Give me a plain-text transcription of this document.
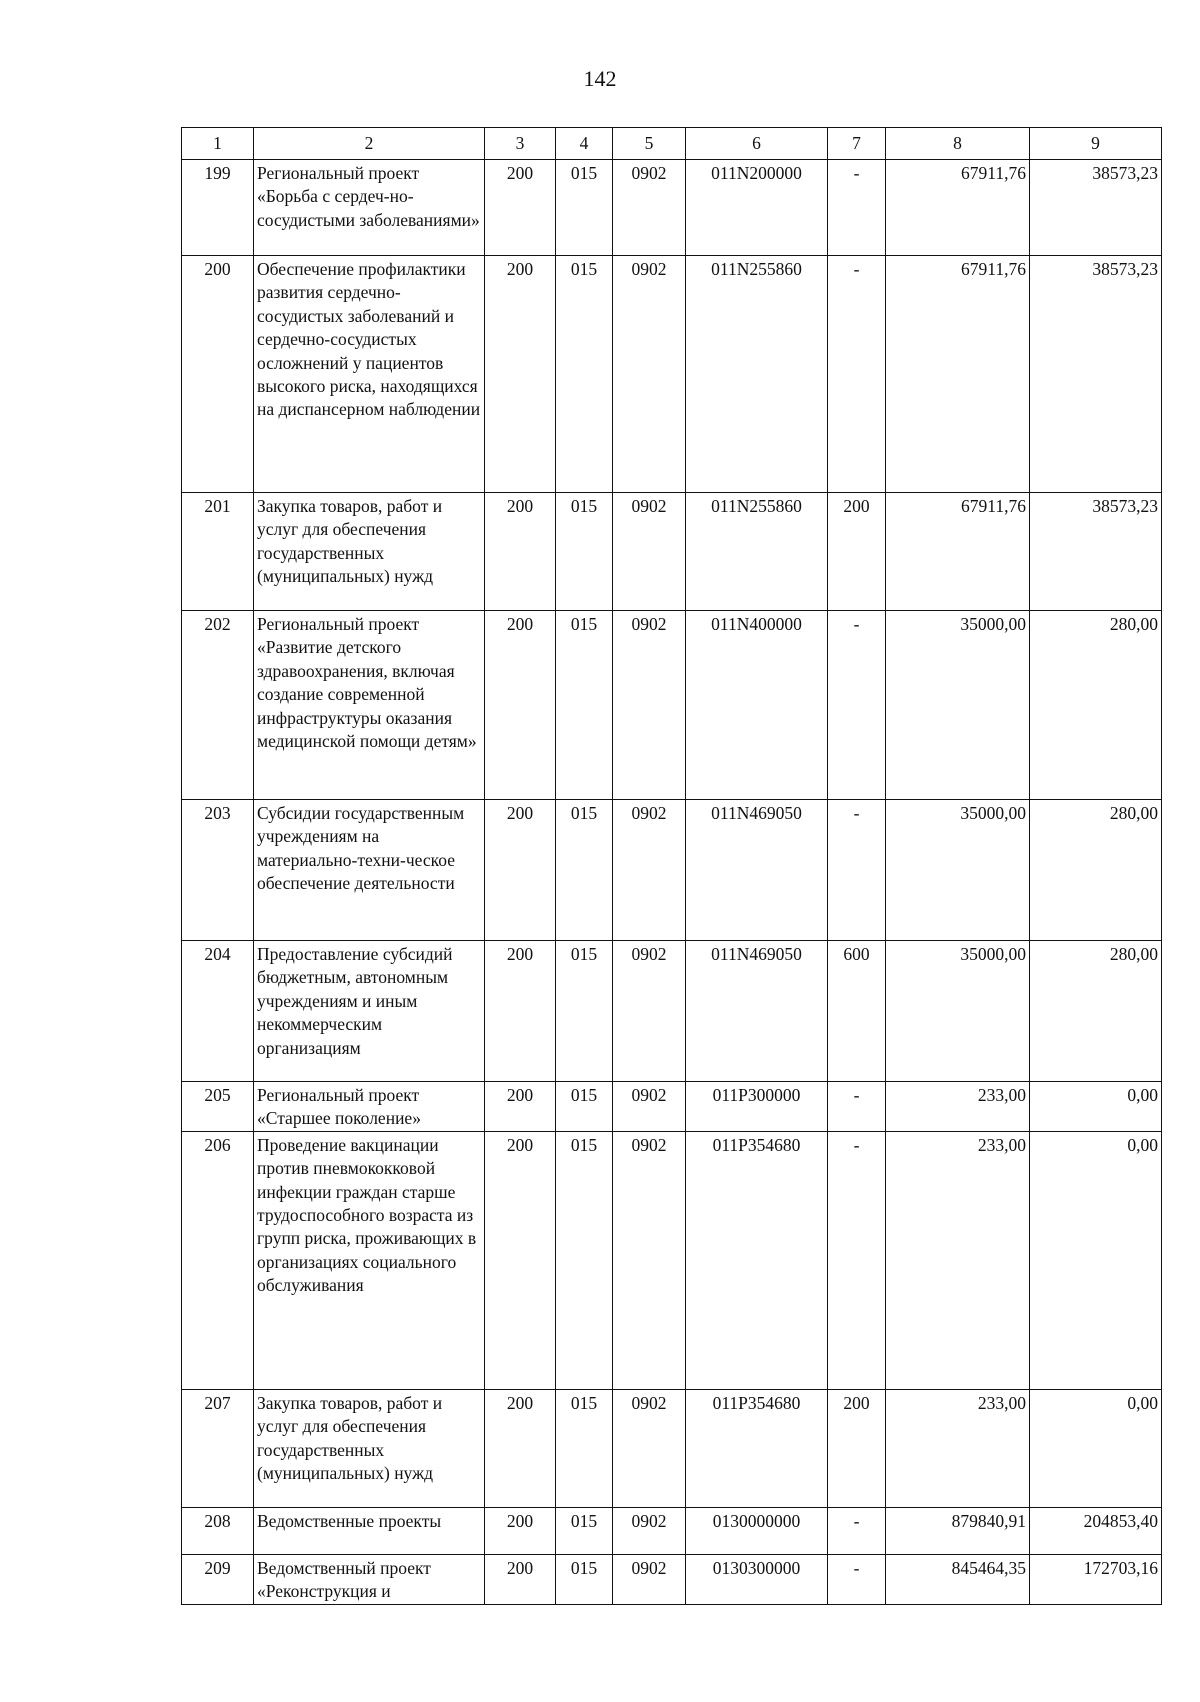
142
1	2	3	4	5	6	7	8	9
199	Региональный проект «Борьба с сердеч-но-сосудистыми заболеваниями»	200	015	0902	011N200000	-	67911,76	38573,23
200	Обеспечение профилактики развития сердечно-сосудистых заболеваний и сердечно-сосудистых осложнений у пациентов высокого риска, находящихся на диспансерном наблюдении	200	015	0902	011N255860	-	67911,76	38573,23
201	Закупка товаров, работ и услуг для обеспечения государственных (муниципальных) нужд	200	015	0902	011N255860	200	67911,76	38573,23
202	Региональный проект «Развитие детского здравоохранения, включая создание современной инфраструктуры оказания медицинской помощи детям»	200	015	0902	011N400000	-	35000,00	280,00
203	Субсидии государственным учреждениям на материально-техни-ческое обеспечение деятельности	200	015	0902	011N469050	-	35000,00	280,00
204	Предоставление субсидий бюджетным, автономным учреждениям и иным некоммерческим организациям	200	015	0902	011N469050	600	35000,00	280,00
205	Региональный проект «Старшее поколение»	200	015	0902	011P300000	-	233,00	0,00
206	Проведение вакцинации против пневмококковой инфекции граждан старше трудоспособного возраста из групп риска, проживающих в организациях социального обслуживания	200	015	0902	011P354680	-	233,00	0,00
207	Закупка товаров, работ и услуг для обеспечения государственных (муниципальных) нужд	200	015	0902	011P354680	200	233,00	0,00
208	Ведомственные проекты	200	015	0902	0130000000	-	879840,91	204853,40
209	Ведомственный проект «Реконструкция и	200	015	0902	0130300000	-	845464,35	172703,16
